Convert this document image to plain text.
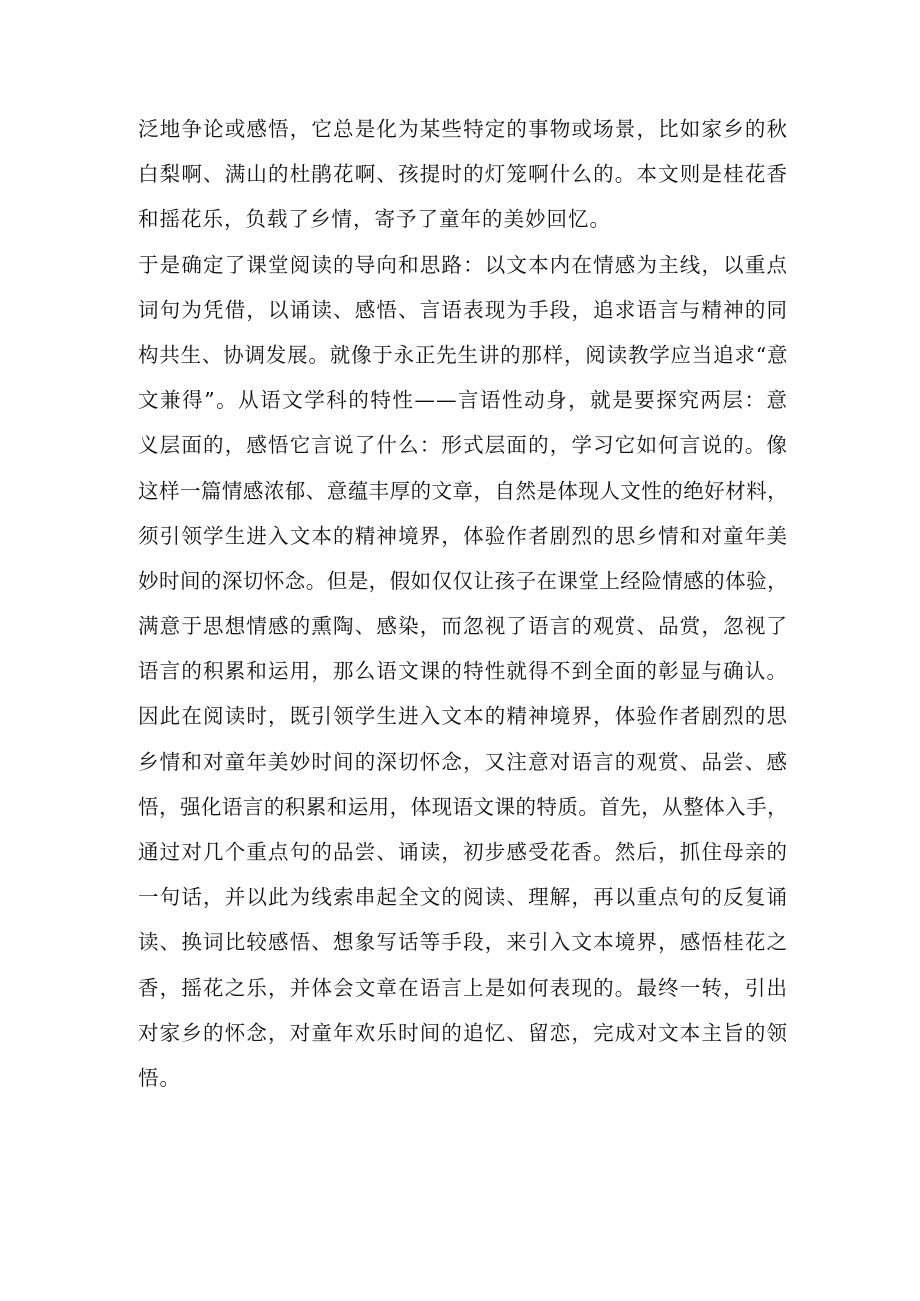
泛地争论或感悟，它总是化为某些特定的事物或场景，比如家乡的秋
白梨啊、满山的杜鹃花啊、孩提时的灯笼啊什么的。本文则是桂花香
和摇花乐，负载了乡情，寄予了童年的美妙回忆。
于是确定了课堂阅读的导向和思路：以文本内在情感为主线，以重点
词句为凭借，以诵读、感悟、言语表现为手段，追求语言与精神的同
构共生、协调发展。就像于永正先生讲的那样，阅读教学应当追求“意
文兼得”。从语文学科的特性——言语性动身，就是要探究两层：意
义层面的，感悟它言说了什么：形式层面的，学习它如何言说的。像
这样一篇情感浓郁、意蕴丰厚的文章，自然是体现人文性的绝好材料，
须引领学生进入文本的精神境界，体验作者剧烈的思乡情和对童年美
妙时间的深切怀念。但是，假如仅仅让孩子在课堂上经险情感的体验，
满意于思想情感的熏陶、感染，而忽视了语言的观赏、品赏，忽视了
语言的积累和运用，那么语文课的特性就得不到全面的彰显与确认。
因此在阅读时，既引领学生进入文本的精神境界，体验作者剧烈的思
乡情和对童年美妙时间的深切怀念，又注意对语言的观赏、品尝、感
悟，强化语言的积累和运用，体现语文课的特质。首先，从整体入手，
通过对几个重点句的品尝、诵读，初步感受花香。然后，抓住母亲的
一句话，并以此为线索串起全文的阅读、理解，再以重点句的反复诵
读、换词比较感悟、想象写话等手段，来引入文本境界，感悟桂花之
香，摇花之乐，并体会文章在语言上是如何表现的。最终一转，引出
对家乡的怀念，对童年欢乐时间的追忆、留恋，完成对文本主旨的领
悟。
